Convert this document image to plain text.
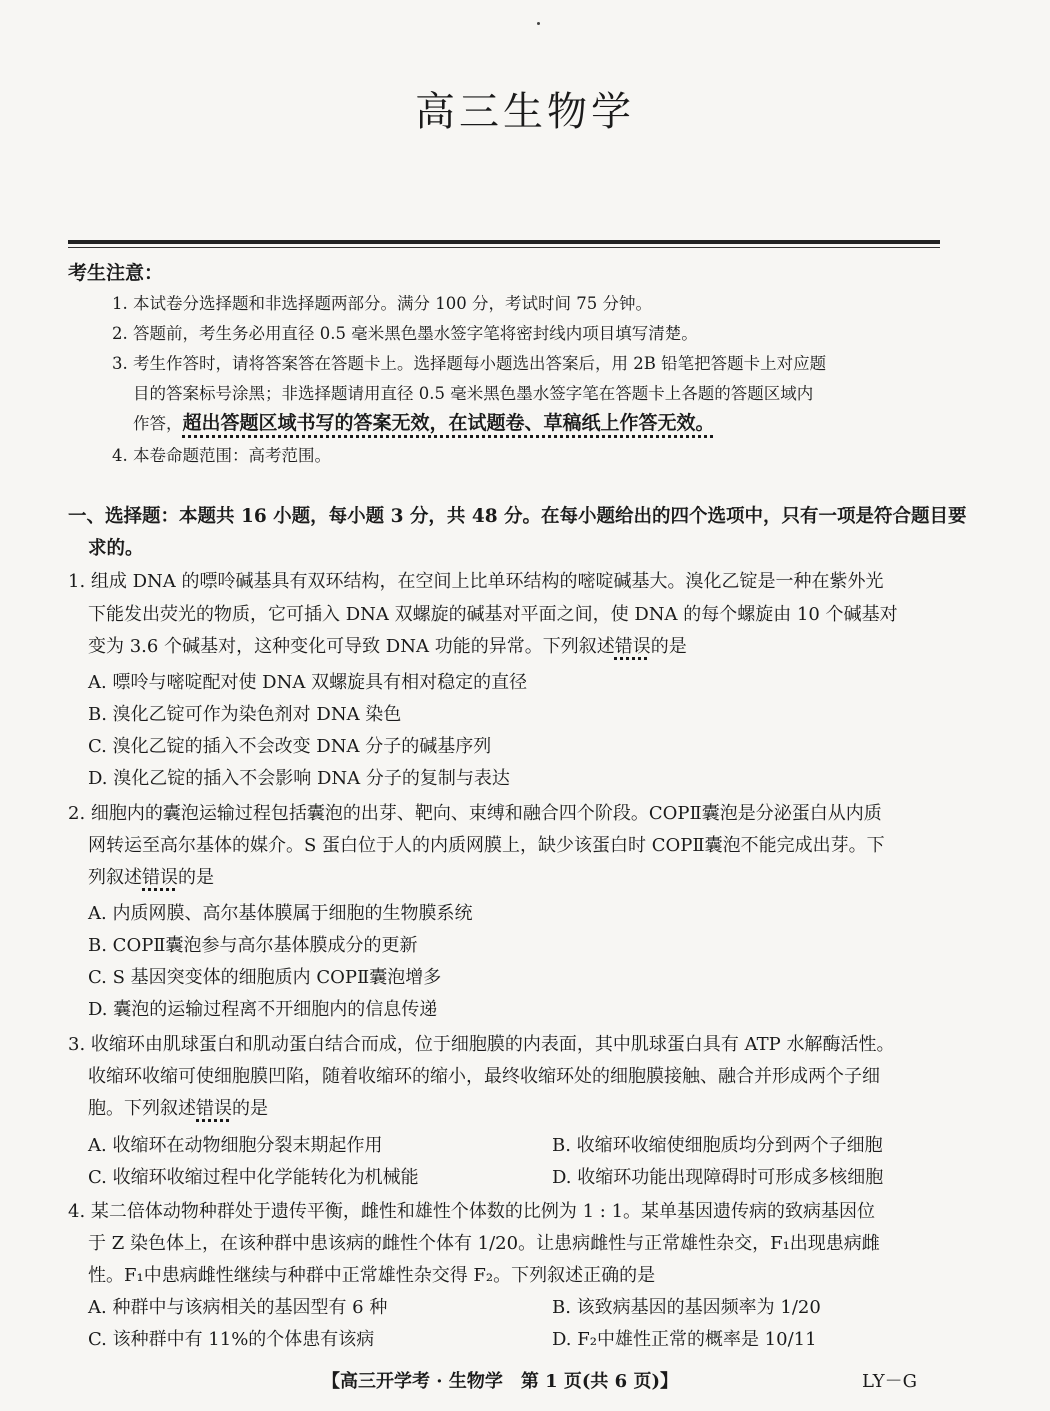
高三生物学
考生注意：
1. 本试卷分选择题和非选择题两部分。满分 100 分，考试时间 75 分钟。
2. 答题前，考生务必用直径 0.5 毫米黑色墨水签字笔将密封线内项目填写清楚。
3. 考生作答时，请将答案答在答题卡上。选择题每小题选出答案后，用 2B 铅笔把答题卡上对应题
目的答案标号涂黑；非选择题请用直径 0.5 毫米黑色墨水签字笔在答题卡上各题的答题区域内
作答，超出答题区域书写的答案无效，在试题卷、草稿纸上作答无效。
4. 本卷命题范围：高考范围。
一、选择题：本题共 16 小题，每小题 3 分，共 48 分。在每小题给出的四个选项中，只有一项是符合题目要
求的。
1. 组成 DNA 的嘌呤碱基具有双环结构，在空间上比单环结构的嘧啶碱基大。溴化乙锭是一种在紫外光
下能发出荧光的物质，它可插入 DNA 双螺旋的碱基对平面之间，使 DNA 的每个螺旋由 10 个碱基对
变为 3.6 个碱基对，这种变化可导致 DNA 功能的异常。下列叙述错误的是
A. 嘌呤与嘧啶配对使 DNA 双螺旋具有相对稳定的直径
B. 溴化乙锭可作为染色剂对 DNA 染色
C. 溴化乙锭的插入不会改变 DNA 分子的碱基序列
D. 溴化乙锭的插入不会影响 DNA 分子的复制与表达
2. 细胞内的囊泡运输过程包括囊泡的出芽、靶向、束缚和融合四个阶段。COPⅡ囊泡是分泌蛋白从内质
网转运至高尔基体的媒介。S 蛋白位于人的内质网膜上，缺少该蛋白时 COPⅡ囊泡不能完成出芽。下
列叙述错误的是
A. 内质网膜、高尔基体膜属于细胞的生物膜系统
B. COPⅡ囊泡参与高尔基体膜成分的更新
C. S 基因突变体的细胞质内 COPⅡ囊泡增多
D. 囊泡的运输过程离不开细胞内的信息传递
3. 收缩环由肌球蛋白和肌动蛋白结合而成，位于细胞膜的内表面，其中肌球蛋白具有 ATP 水解酶活性。
收缩环收缩可使细胞膜凹陷，随着收缩环的缩小，最终收缩环处的细胞膜接触、融合并形成两个子细
胞。下列叙述错误的是
A. 收缩环在动物细胞分裂末期起作用	B. 收缩环收缩使细胞质均分到两个子细胞
C. 收缩环收缩过程中化学能转化为机械能	D. 收缩环功能出现障碍时可形成多核细胞
4. 某二倍体动物种群处于遗传平衡，雌性和雄性个体数的比例为 1 : 1。某单基因遗传病的致病基因位
于 Z 染色体上，在该种群中患该病的雌性个体有 1/20。让患病雌性与正常雄性杂交，F₁出现患病雌
性。F₁中患病雌性继续与种群中正常雄性杂交得 F₂。下列叙述正确的是
A. 种群中与该病相关的基因型有 6 种	B. 该致病基因的基因频率为 1/20
C. 该种群中有 11%的个体患有该病	D. F₂中雄性正常的概率是 10/11
【高三开学考 · 生物学　第 1 页(共 6 页)】	LY－G
